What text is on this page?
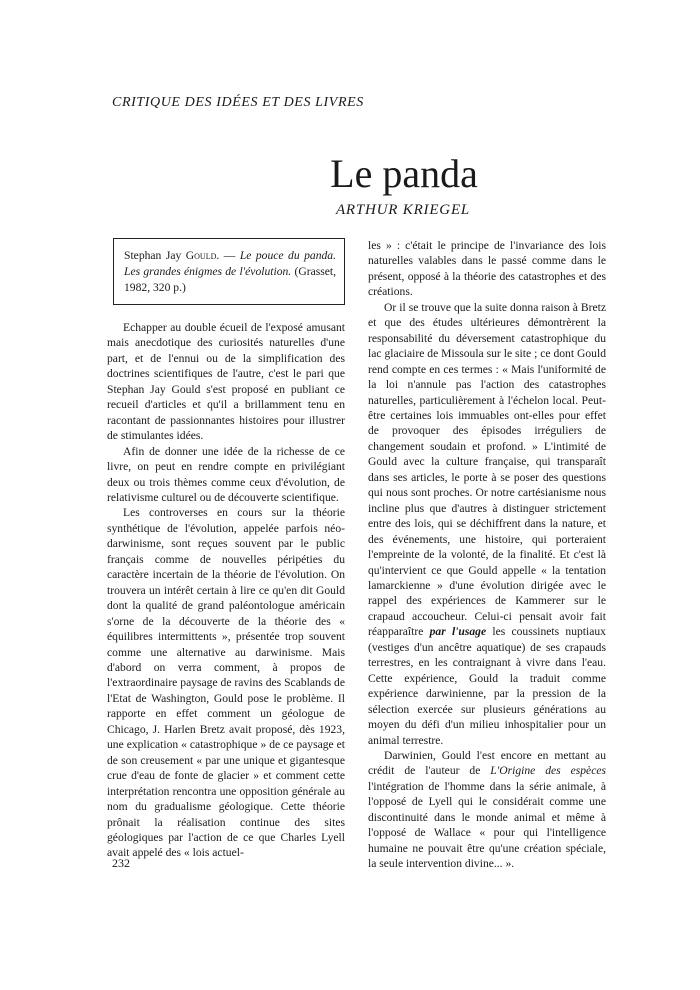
CRITIQUE DES IDÉES ET DES LIVRES
Le panda
ARTHUR KRIEGEL
Stephan Jay Gould. — Le pouce du panda. Les grandes énigmes de l'évolution. (Grasset, 1982, 320 p.)

Echapper au double écueil de l'exposé amusant mais anecdotique des curiosités naturelles d'une part, et de l'ennui ou de la simplification des doctrines scientifiques de l'autre, c'est le pari que Stephan Jay Gould s'est proposé en publiant ce recueil d'articles et qu'il a brillamment tenu en racontant de passionnantes histoires pour illustrer de stimulantes idées.

Afin de donner une idée de la richesse de ce livre, on peut en rendre compte en privilégiant deux ou trois thèmes comme ceux d'évolution, de relativisme culturel ou de découverte scientifique.

Les controverses en cours sur la théorie synthétique de l'évolution, appelée parfois néo-darwinisme, sont reçues souvent par le public français comme de nouvelles péripéties du caractère incertain de la théorie de l'évolution. On trouvera un intérêt certain à lire ce qu'en dit Gould dont la qualité de grand paléontologue américain s'orne de la découverte de la théorie des « équilibres intermittents », présentée trop souvent comme une alternative au darwinisme. Mais d'abord on verra comment, à propos de l'extraordinaire paysage de ravins des Scablands de l'Etat de Washington, Gould pose le problème. Il rapporte en effet comment un géologue de Chicago, J. Harlen Bretz avait proposé, dès 1923, une explication « catastrophique » de ce paysage et de son creusement « par une unique et gigantesque crue d'eau de fonte de glacier » et comment cette interprétation rencontra une opposition générale au nom du gradualisme géologique. Cette théorie prônait la réalisation continue des sites géologiques par l'action de ce que Charles Lyell avait appelé des « lois actuel-

les » : c'était le principe de l'invariance des lois naturelles valables dans le passé comme dans le présent, opposé à la théorie des catastrophes et des créations.

Or il se trouve que la suite donna raison à Bretz et que des études ultérieures démontrèrent la responsabilité du déversement catastrophique du lac glaciaire de Missoula sur le site ; ce dont Gould rend compte en ces termes : « Mais l'uniformité de la loi n'annule pas l'action des catastrophes naturelles, particulièrement à l'échelon local. Peut-être certaines lois immuables ont-elles pour effet de provoquer des épisodes irréguliers de changement soudain et profond. » L'intimité de Gould avec la culture française, qui transparaît dans ses articles, le porte à se poser des questions qui nous sont proches. Or notre cartésianisme nous incline plus que d'autres à distinguer strictement entre des lois, qui se déchiffrent dans la nature, et des événements, une histoire, qui porteraient l'empreinte de la volonté, de la finalité. Et c'est là qu'intervient ce que Gould appelle « la tentation lamarckienne » d'une évolution dirigée avec le rappel des expériences de Kammerer sur le crapaud accoucheur. Celui-ci pensait avoir fait réapparaître par l'usage les coussinets nuptiaux (vestiges d'un ancêtre aquatique) de ses crapauds terrestres, en les contraignant à vivre dans l'eau. Cette expérience, Gould la traduit comme expérience darwinienne, par la pression de la sélection exercée sur plusieurs générations au moyen du défi d'un milieu inhospitalier pour un animal terrestre.

Darwinien, Gould l'est encore en mettant au crédit de l'auteur de L'Origine des espèces l'intégration de l'homme dans la série animale, à l'opposé de Lyell qui le considérait comme une discontinuité dans le monde animal et même à l'opposé de Wallace « pour qui l'intelligence humaine ne pouvait être qu'une création spéciale, la seule intervention divine... ».

232
